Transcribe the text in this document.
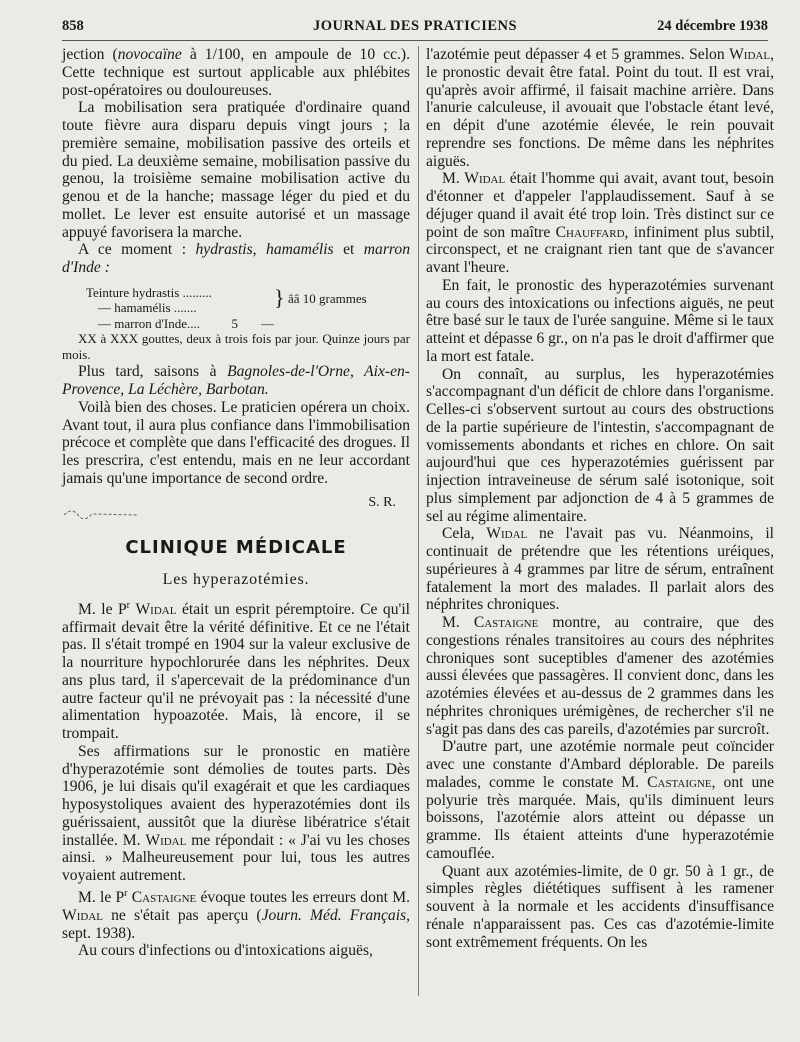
858	JOURNAL DES PRATICIENS	24 décembre 1938

jection (novocaïne à 1/100, en ampoule de 10 cc.). Cette technique est surtout applicable aux phlébites post-opératoires ou douloureuses.

La mobilisation sera pratiquée d'ordinaire quand toute fièvre aura disparu depuis vingt jours ; la première semaine, mobilisation passive des orteils et du pied. La deuxième semaine, mobilisation passive du genou, la troisième semaine mobilisation active du genou et de la hanche; massage léger du pied et du mollet. Le lever est ensuite autorisé et un massage appuyé favorisera la marche.

A ce moment : hydrastis, hamamélis et marron d'Inde :

Teinture hydrastis .........
— hamamélis .......
— marron d'Inde.... 5 —
} ââ 10 grammes

XX à XXX gouttes, deux à trois fois par jour. Quinze jours par mois.

Plus tard, saisons à Bagnoles-de-l'Orne, Aix-en-Provence, La Léchère, Barbotan.

Voilà bien des choses. Le praticien opérera un choix. Avant tout, il aura plus confiance dans l'immobilisation précoce et complète que dans l'efficacité des drogues. Il les prescrira, c'est entendu, mais en ne leur accordant jamais qu'une importance de second ordre.

S. R.
CLINIQUE MÉDICALE
Les hyperazotémies.

M. le $P^r$ Widal était un esprit péremptoire. Ce qu'il affirmait devait être la vérité définitive. Et ce ne l'était pas. Il s'était trompé en 1904 sur la valeur exclusive de la nourriture hypochlorurée dans les néphrites. Deux ans plus tard, il s'apercevait de la prédominance d'un autre facteur qu'il ne prévoyait pas : la nécessité d'une alimentation hypoazotée. Mais, là encore, il se trompait.

Ses affirmations sur le pronostic en matière d'hyperazotémie sont démolies de toutes parts. Dès 1906, je lui disais qu'il exagérait et que les cardiaques hyposystoliques avaient des hyperazotémies dont ils guérissaient, aussitôt que la diurèse libératrice s'était installée. M. Widal me répondait : « J'ai vu les choses ainsi. » Malheureusement pour lui, tous les autres voyaient autrement.

M. le $P^r$ Castaigne évoque toutes les erreurs dont M. Widal ne s'était pas aperçu (Journ. Méd. Français, sept. 1938).

Au cours d'infections ou d'intoxications aiguës,

l'azotémie peut dépasser 4 et 5 grammes. Selon Widal, le pronostic devait être fatal. Point du tout. Il est vrai, qu'après avoir affirmé, il faisait machine arrière. Dans l'anurie calculeuse, il avouait que l'obstacle étant levé, en dépit d'une azotémie élevée, le rein pouvait reprendre ses fonctions. De même dans les néphrites aiguës.

M. Widal était l'homme qui avait, avant tout, besoin d'étonner et d'appeler l'applaudissement. Sauf à se déjuger quand il avait été trop loin. Très distinct sur ce point de son maître Chauffard, infiniment plus subtil, circonspect, et ne craignant rien tant que de s'avancer avant l'heure.

En fait, le pronostic des hyperazotémies survenant au cours des intoxications ou infections aiguës, ne peut être basé sur le taux de l'urée sanguine. Même si le taux atteint et dépasse 6 gr., on n'a pas le droit d'affirmer que la mort est fatale.

On connaît, au surplus, les hyperazotémies s'accompagnant d'un déficit de chlore dans l'organisme. Celles-ci s'observent surtout au cours des obstructions de la partie supérieure de l'intestin, s'accompagnant de vomissements abondants et riches en chlore. On sait aujourd'hui que ces hyperazotémies guérissent par injection intraveineuse de sérum salé isotonique, soit plus simplement par adjonction de 4 à 5 grammes de sel au régime alimentaire.

Cela, Widal ne l'avait pas vu. Néanmoins, il continuait de prétendre que les rétentions uréiques, supérieures à 4 grammes par litre de sérum, entraînent fatalement la mort des malades. Il parlait alors des néphrites chroniques.

M. Castaigne montre, au contraire, que des congestions rénales transitoires au cours des néphrites chroniques sont suceptibles d'amener des azotémies aussi élevées que passagères. Il convient donc, dans les azotémies élevées et au-dessus de 2 grammes dans les néphrites chroniques urémigènes, de rechercher s'il ne s'agit pas dans des cas pareils, d'azotémies par surcroît.

D'autre part, une azotémie normale peut coïncider avec une constante d'Ambard déplorable. De pareils malades, comme le constate M. Castaigne, ont une polyurie très marquée. Mais, qu'ils diminuent leurs boissons, l'azotémie alors atteint ou dépasse un gramme. Ils étaient atteints d'une hyperazotémie camouflée.

Quant aux azotémies-limite, de 0 gr. 50 à 1 gr., de simples règles diététiques suffisent à les ramener souvent à la normale et les accidents d'insuffisance rénale n'apparaissent pas. Ces cas d'azotémie-limite sont extrêmement fréquents. On les
